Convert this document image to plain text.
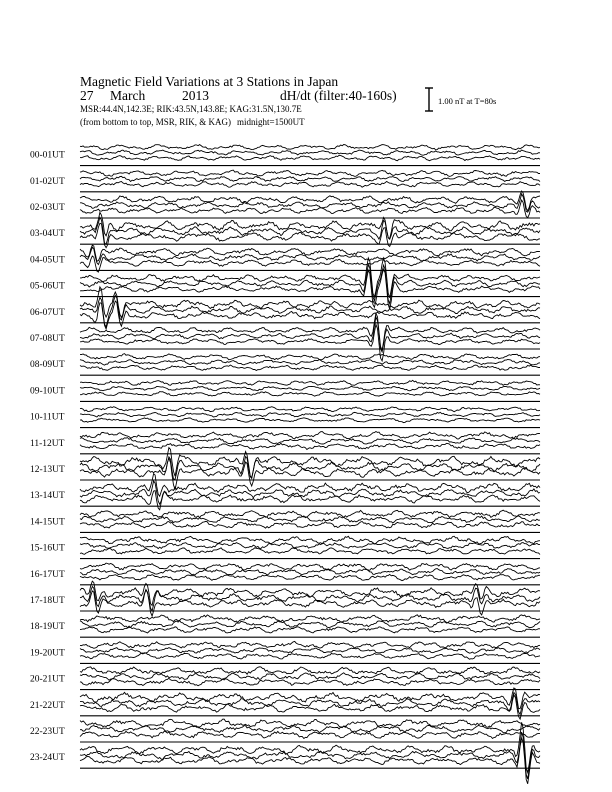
Magnetic Field Variations at 3 Stations in Japan
27 March	2013	dH/dt (filter:40-160s)
MSR:44.4N,142.3E; RIK:43.5N,143.8E; KAG:31.5N,130.7E
(from bottom to top, MSR, RIK, & KAG) midnight=1500UT
1.00 nT at T=80s
00-01UT
01-02UT
02-03UT
03-04UT
04-05UT
05-06UT
06-07UT
07-08UT
08-09UT
09-10UT
10-11UT
11-12UT
12-13UT
13-14UT
14-15UT
15-16UT
16-17UT
17-18UT
18-19UT
19-20UT
20-21UT
21-22UT
22-23UT
23-24UT
